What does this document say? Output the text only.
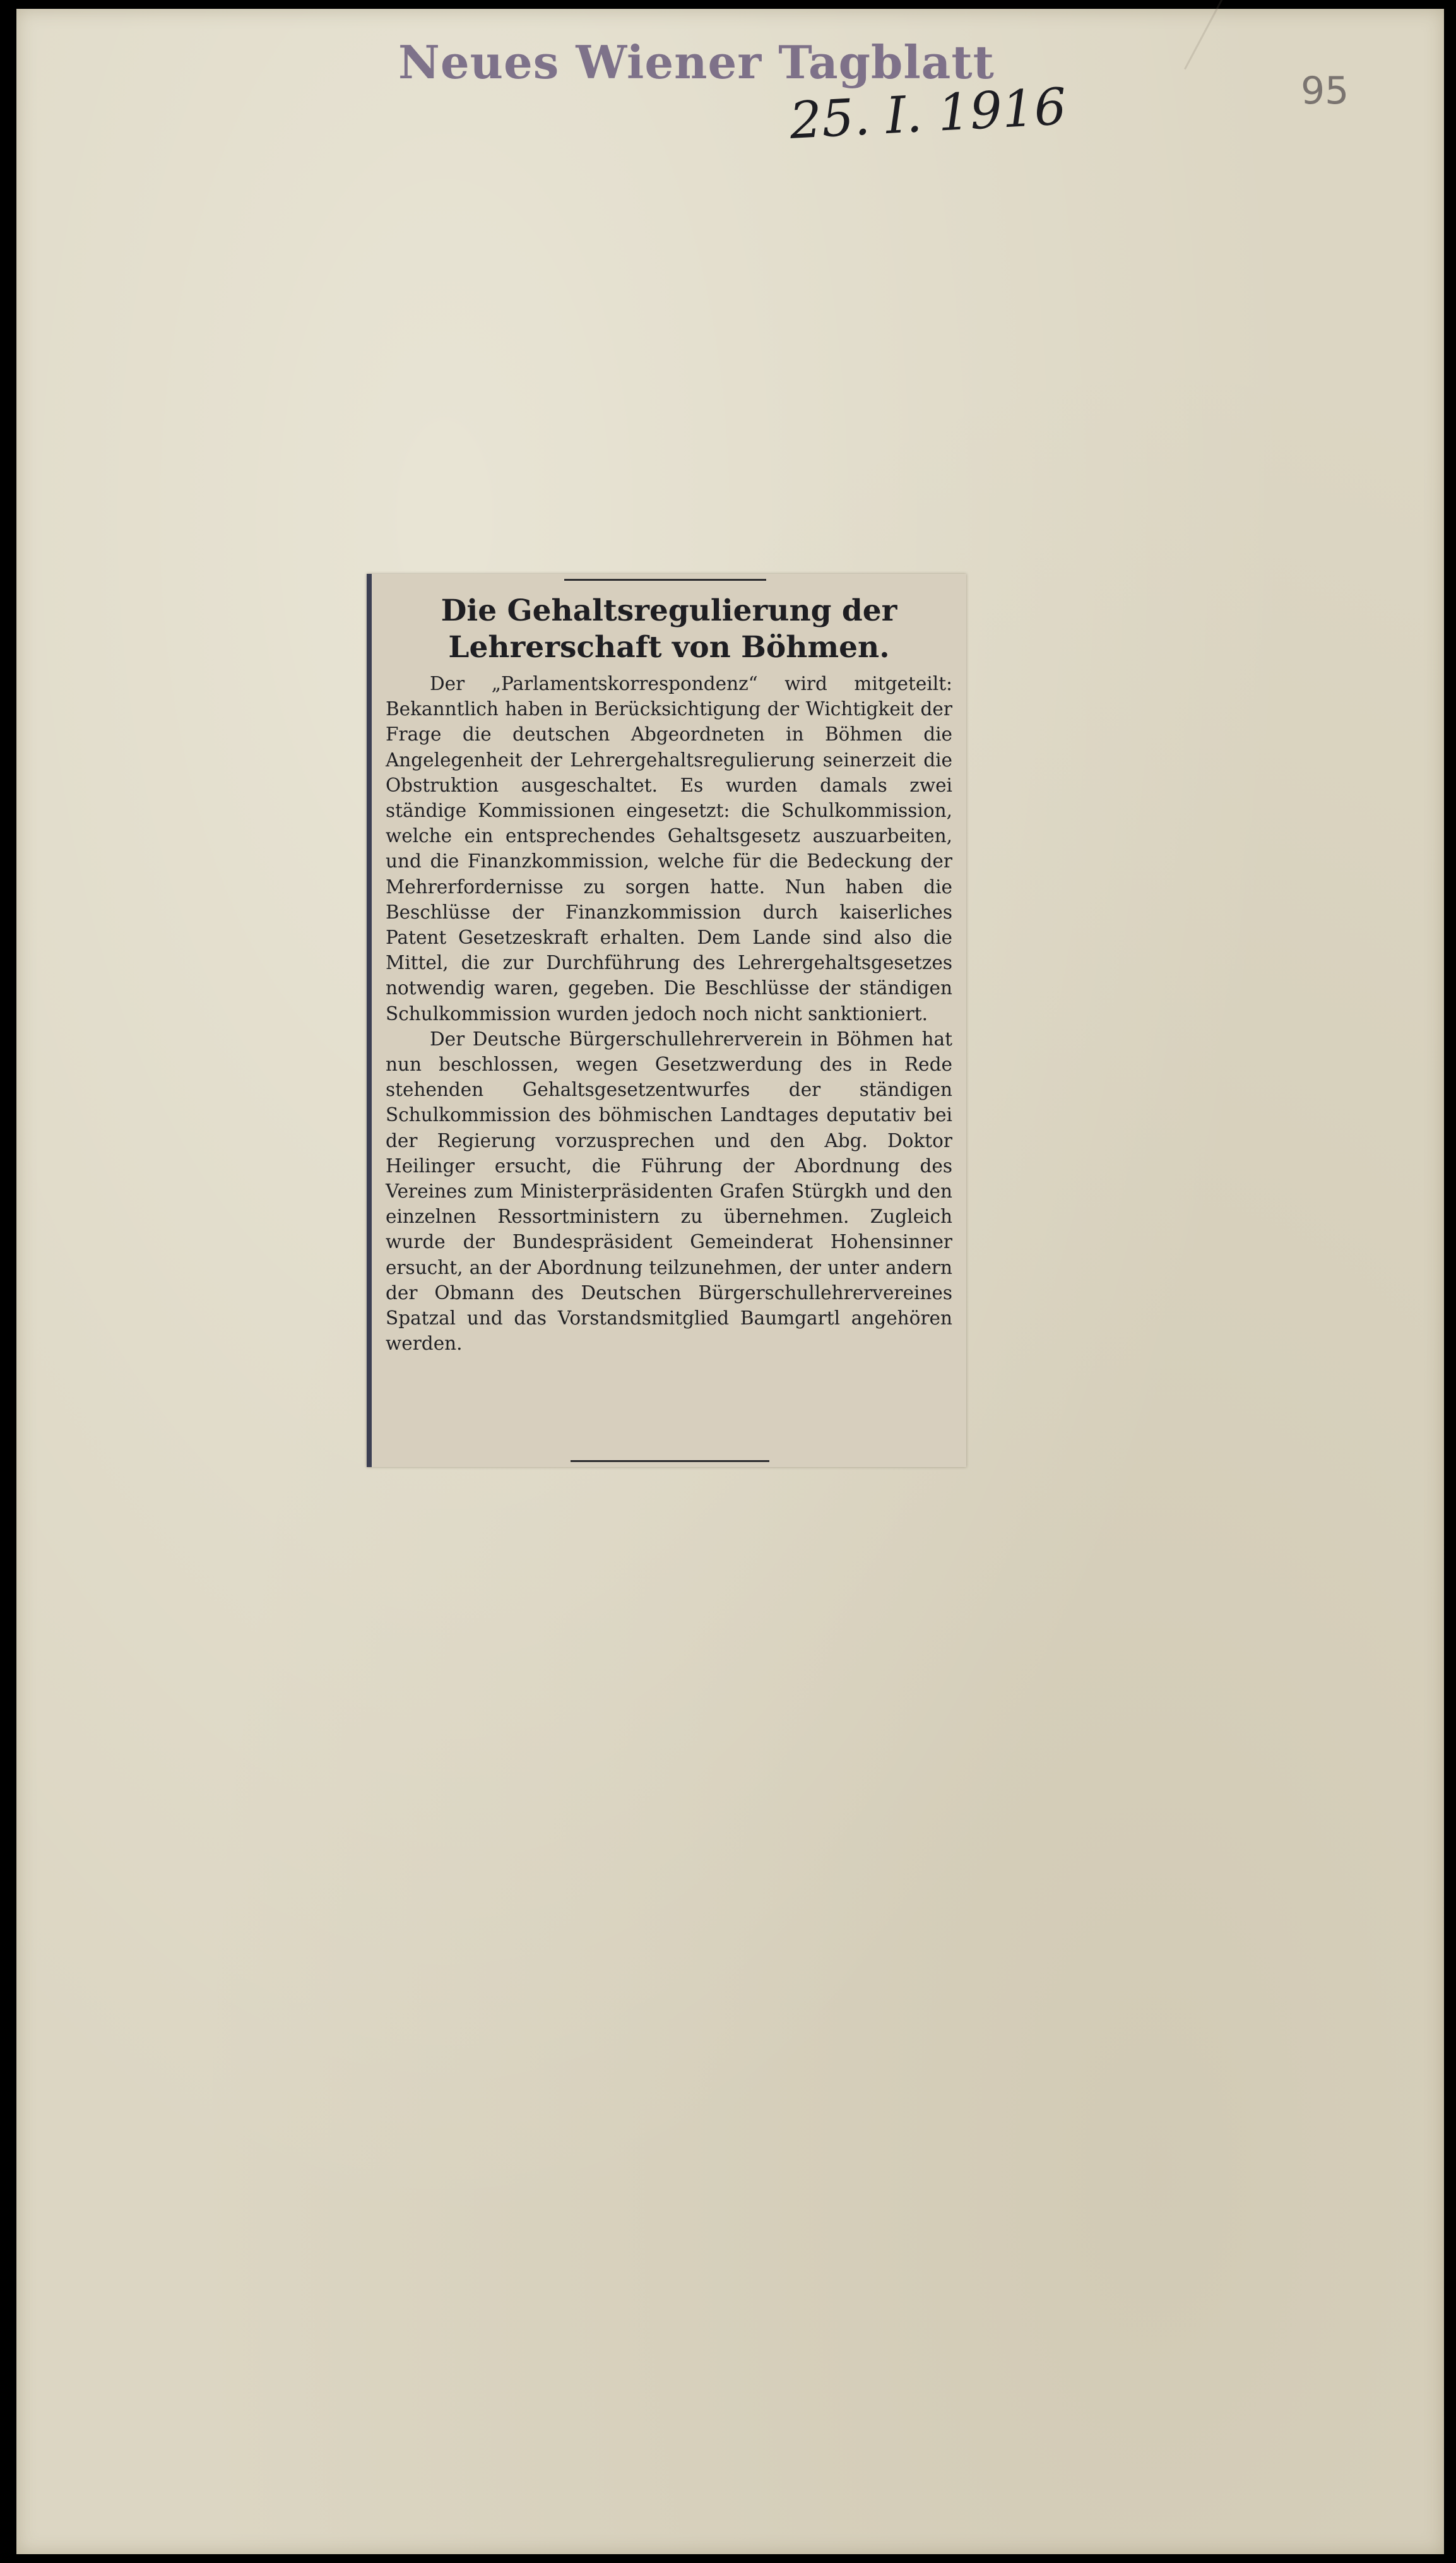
Neues Wiener Tagblatt
25. I. 1916	95
Die Gehaltsregulierung der Lehrerschaft von Böhmen.

Der „Parlamentskorrespondenz“ wird mitgeteilt: Bekanntlich haben in Berücksichtigung der Wichtigkeit der Frage die deutschen Abgeordneten in Böhmen die Angelegenheit der Lehrergehaltsregulierung seinerzeit die Obstruktion ausgeschaltet. Es wurden damals zwei ständige Kommissionen eingesetzt: die Schulkommission, welche ein entsprechendes Gehaltsgesetz auszuarbeiten, und die Finanzkommission, welche für die Bedeckung der Mehrerfordernisse zu sorgen hatte. Nun haben die Beschlüsse der Finanzkommission durch kaiserliches Patent Gesetzeskraft erhalten. Dem Lande sind also die Mittel, die zur Durchführung des Lehrergehaltsgesetzes notwendig waren, gegeben. Die Beschlüsse der ständigen Schulkommission wurden jedoch noch nicht sanktioniert.

Der Deutsche Bürgerschullehrerverein in Böhmen hat nun beschlossen, wegen Gesetzwerdung des in Rede stehenden Gehaltsgesetzentwurfes der ständigen Schulkommission des böhmischen Landtages deputativ bei der Regierung vorzusprechen und den Abg. Doktor Heilinger ersucht, die Führung der Abordnung des Vereines zum Ministerpräsidenten Grafen Stürgkh und den einzelnen Ressortministern zu übernehmen. Zugleich wurde der Bundespräsident Gemeinderat Hohensinner ersucht, an der Abordnung teilzunehmen, der unter andern der Obmann des Deutschen Bürgerschullehrervereines Spatzal und das Vorstandsmitglied Baumgartl angehören werden.
